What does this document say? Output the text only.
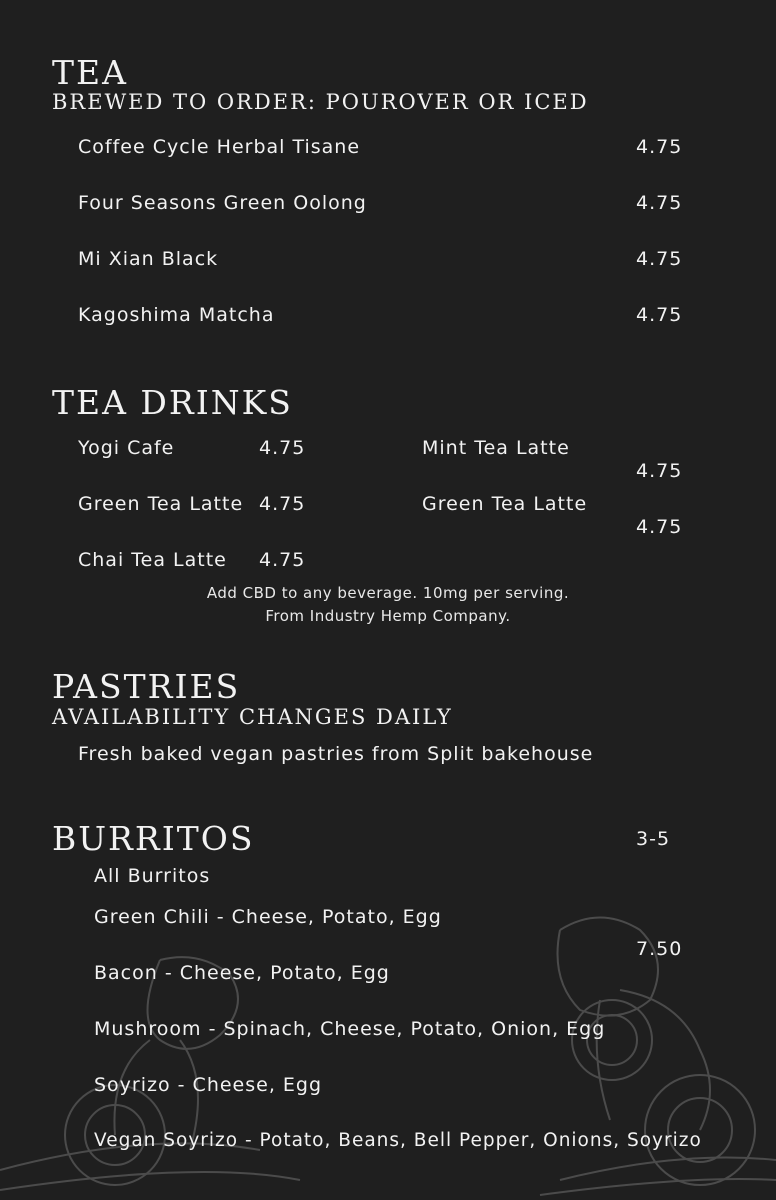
TEA
BREWED TO ORDER: POUROVER OR ICED
Coffee Cycle Herbal Tisane	4.75
Four Seasons Green Oolong	4.75
Mi Xian Black	4.75
Kagoshima Matcha	4.75
TEA DRINKS
Yogi Cafe	4.75
Green Tea Latte 4.75
Chai Tea Latte 4.75
Mint Tea Latte
4.75
Green Tea Latte
4.75
Add CBD to any beverage. 10mg per serving.
From Industry Hemp Company.
PASTRIES
AVAILABILITY CHANGES DAILY
Fresh baked vegan pastries from Split bakehouse
BURRITOS	3-5
All Burritos
7.50
Green Chili - Cheese, Potato, Egg
Bacon - Cheese, Potato, Egg
Mushroom - Spinach, Cheese, Potato, Onion, Egg
Soyrizo - Cheese, Egg
Vegan Soyrizo - Potato, Beans, Bell Pepper, Onions, Soyrizo
